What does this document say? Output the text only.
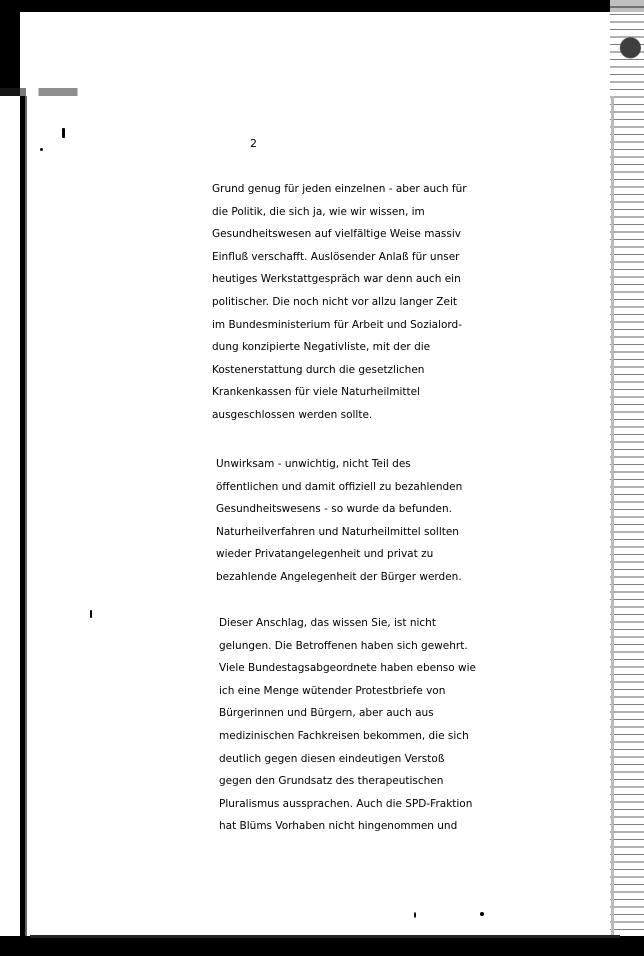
2
Grund genug für jeden einzelnen - aber auch für
die Politik, die sich ja, wie wir wissen, im
Gesundheitswesen auf vielfältige Weise massiv
Einfluß verschafft. Auslösender Anlaß für unser
heutiges Werkstattgespräch war denn auch ein
politischer. Die noch nicht vor allzu langer Zeit
im Bundesministerium für Arbeit und Sozialord-
dung konzipierte Negativliste, mit der die
Kostenerstattung durch die gesetzlichen
Krankenkassen für viele Naturheilmittel
ausgeschlossen werden sollte.
Unwirksam - unwichtig, nicht Teil des
öffentlichen und damit offiziell zu bezahlenden
Gesundheitswesens - so wurde da befunden.
Naturheilverfahren und Naturheilmittel sollten
wieder Privatangelegenheit und privat zu
bezahlende Angelegenheit der Bürger werden.
Dieser Anschlag, das wissen Sie, ist nicht
gelungen. Die Betroffenen haben sich gewehrt.
Viele Bundestagsabgeordnete haben ebenso wie
ich eine Menge wütender Protestbriefe von
Bürgerinnen und Bürgern, aber auch aus
medizinischen Fachkreisen bekommen, die sich
deutlich gegen diesen eindeutigen Verstoß
gegen den Grundsatz des therapeutischen
Pluralismus aussprachen. Auch die SPD-Fraktion
hat Blüms Vorhaben nicht hingenommen und
